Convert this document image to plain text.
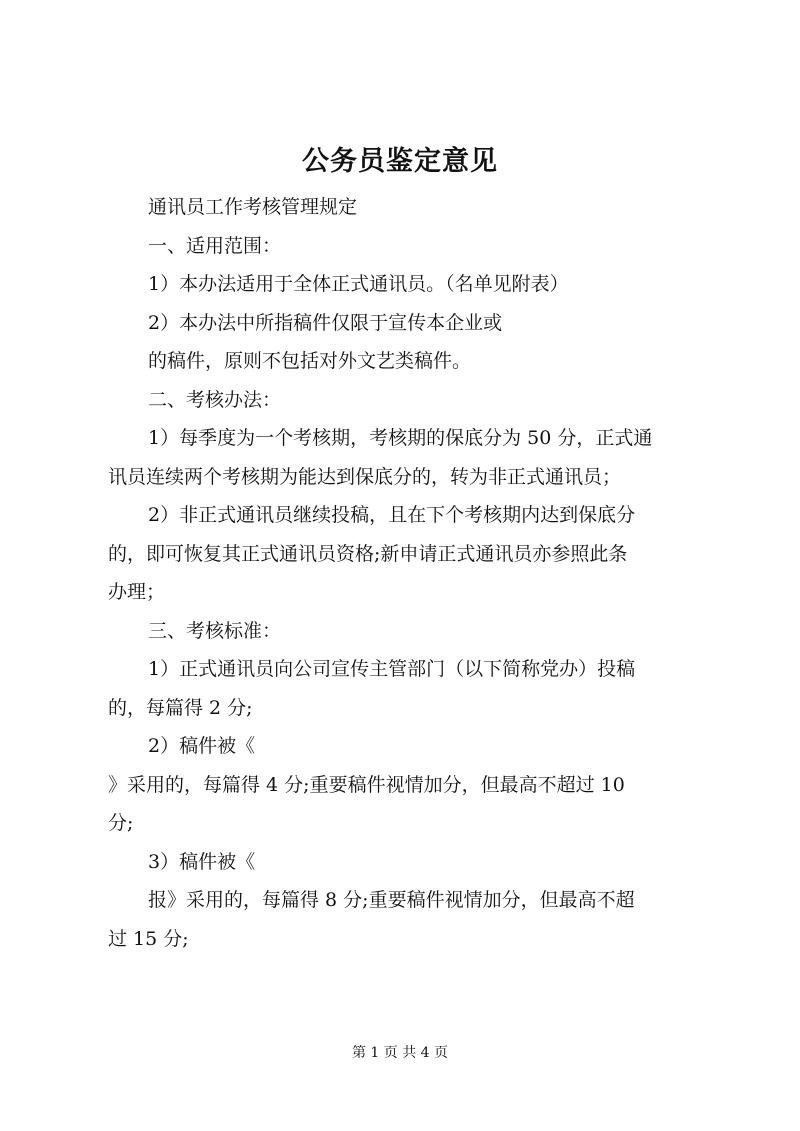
公务员鉴定意见

通讯员工作考核管理规定

一、适用范围：

1）本办法适用于全体正式通讯员。（名单见附表）

2）本办法中所指稿件仅限于宣传本企业或

的稿件，原则不包括对外文艺类稿件。

二、考核办法：

1）每季度为一个考核期，考核期的保底分为 50 分，正式通
讯员连续两个考核期为能达到保底分的，转为非正式通讯员；

2）非正式通讯员继续投稿，且在下个考核期内达到保底分
的，即可恢复其正式通讯员资格;新申请正式通讯员亦参照此条
办理；

三、考核标准：

1）正式通讯员向公司宣传主管部门（以下简称党办）投稿
的，每篇得 2 分;

2）稿件被《

》采用的，每篇得 4 分;重要稿件视情加分，但最高不超过 10
分;

3）稿件被《

报》采用的，每篇得 8 分;重要稿件视情加分，但最高不超
过 15 分;

第 1 页 共 4 页
